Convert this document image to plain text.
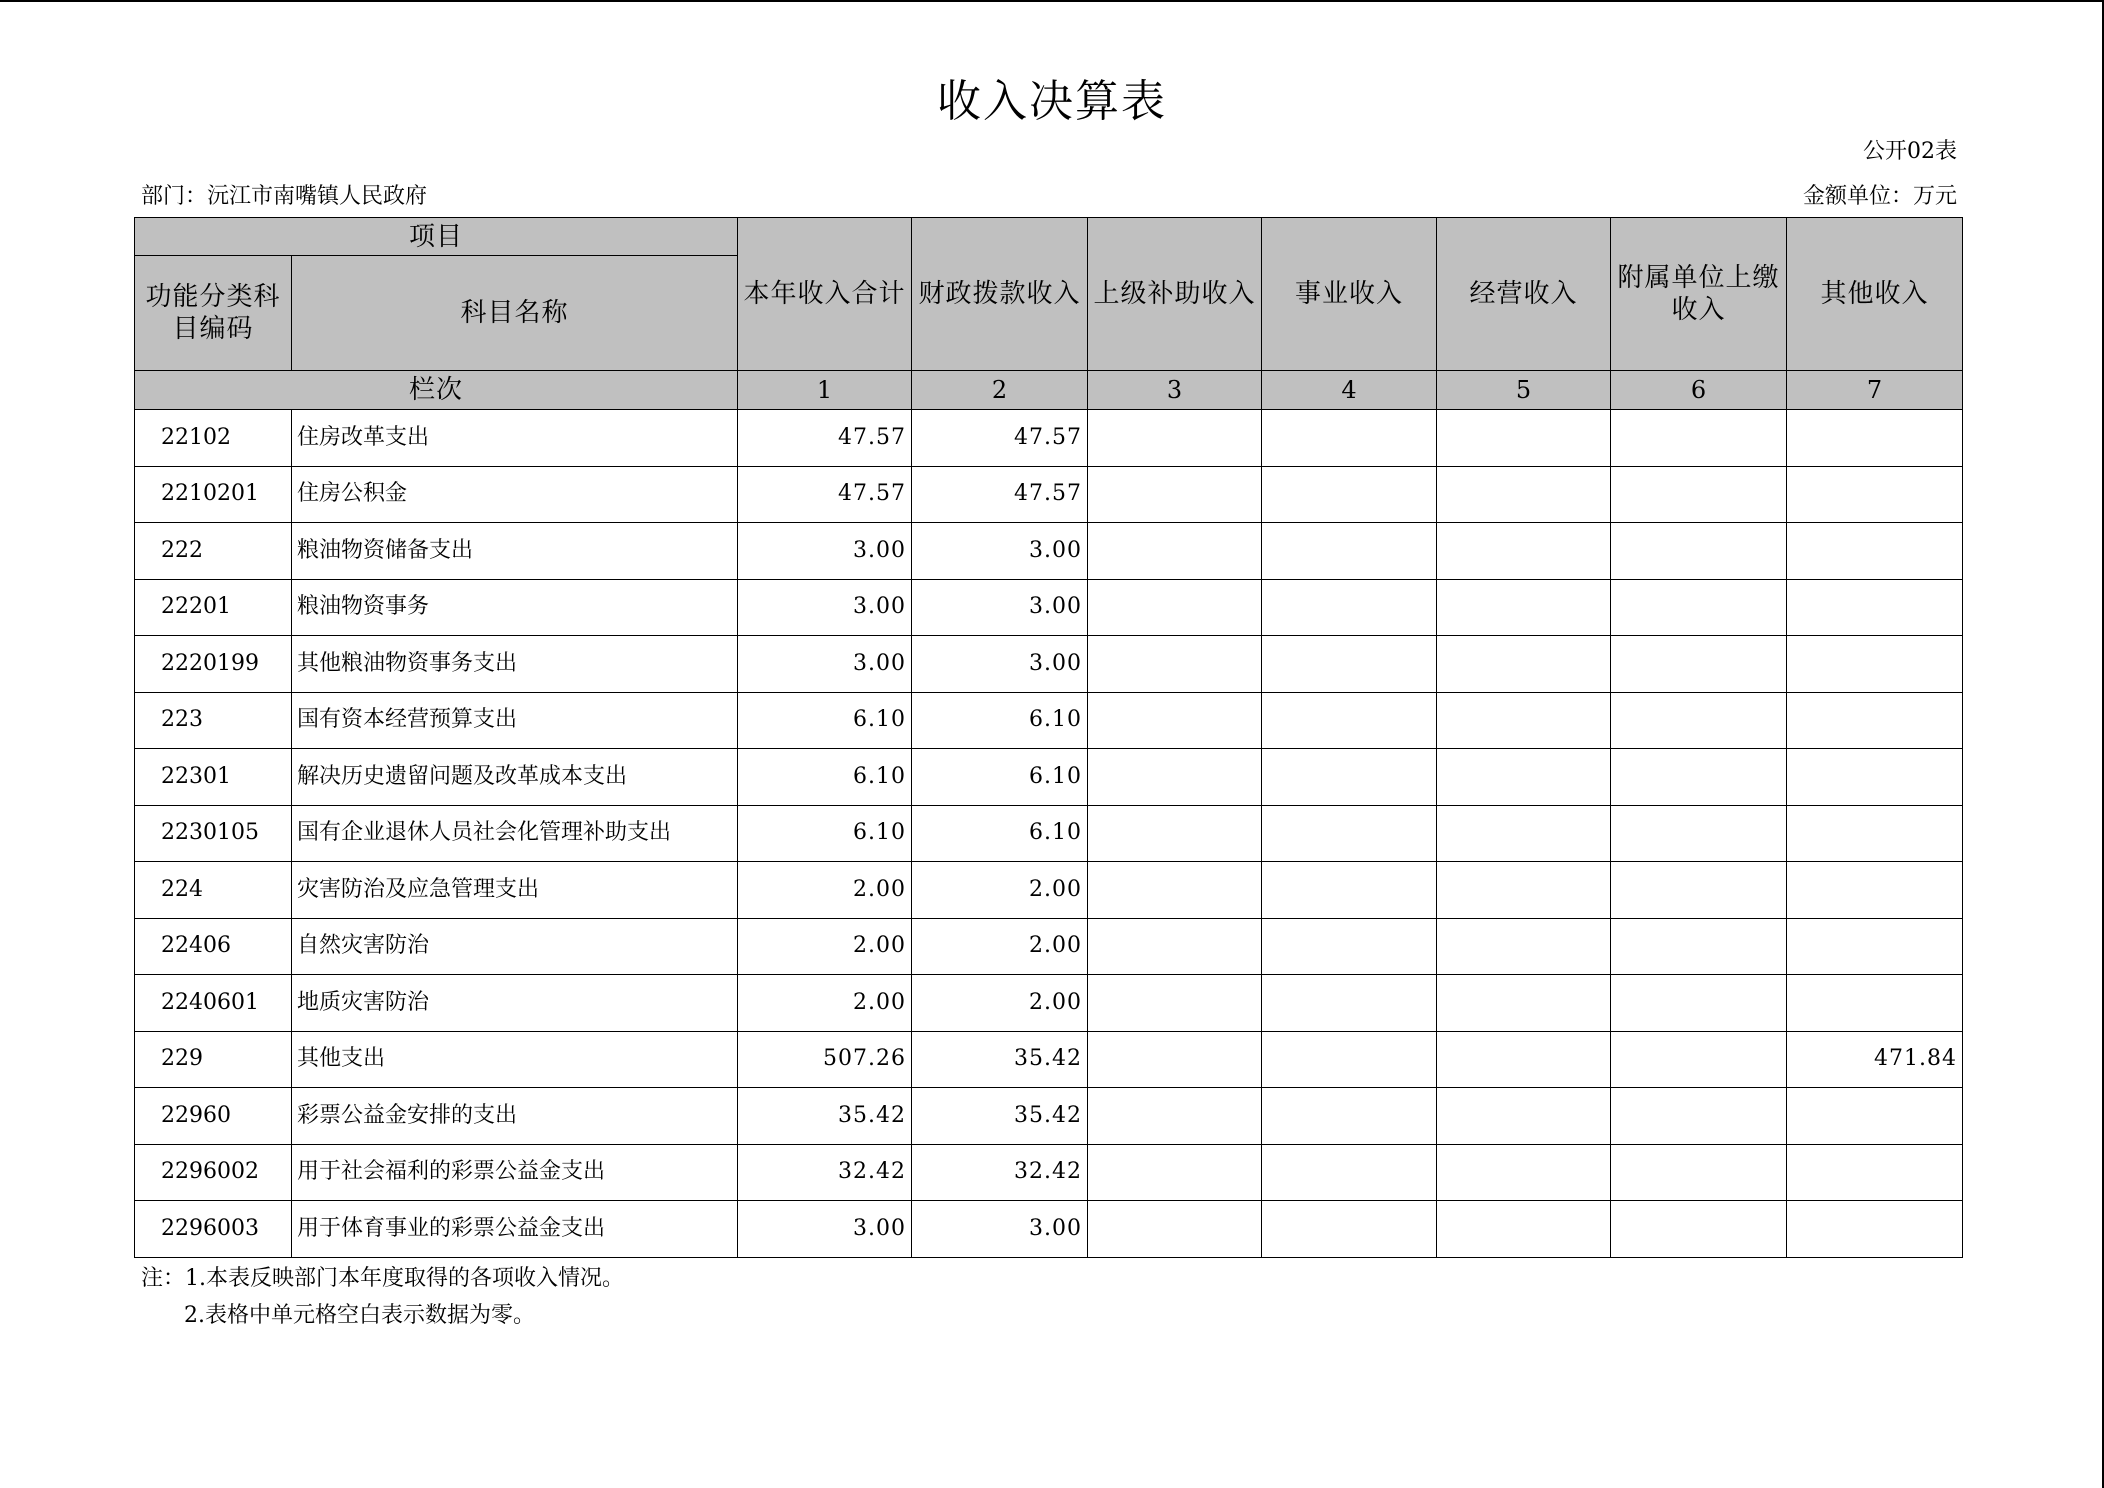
收入决算表
公开02表
部门：沅江市南嘴镇人民政府	金额单位：万元
项目		本年收入合计	财政拨款收入	上级补助收入	事业收入	经营收入	附属单位上缴收入	其他收入
功能分类科目编码	科目名称							
栏次		1	2	3	4	5	6	7
22102	住房改革支出	47.57	47.57					
2210201	住房公积金	47.57	47.57					
222	粮油物资储备支出	3.00	3.00					
22201	粮油物资事务	3.00	3.00					
2220199	其他粮油物资事务支出	3.00	3.00					
223	国有资本经营预算支出	6.10	6.10					
22301	解决历史遗留问题及改革成本支出	6.10	6.10					
2230105	国有企业退休人员社会化管理补助支出	6.10	6.10					
224	灾害防治及应急管理支出	2.00	2.00					
22406	自然灾害防治	2.00	2.00					
2240601	地质灾害防治	2.00	2.00					
229	其他支出	507.26	35.42					471.84
22960	彩票公益金安排的支出	35.42	35.42					
2296002	用于社会福利的彩票公益金支出	32.42	32.42					
2296003	用于体育事业的彩票公益金支出	3.00	3.00					
注：1.本表反映部门本年度取得的各项收入情况。
2.表格中单元格空白表示数据为零。
